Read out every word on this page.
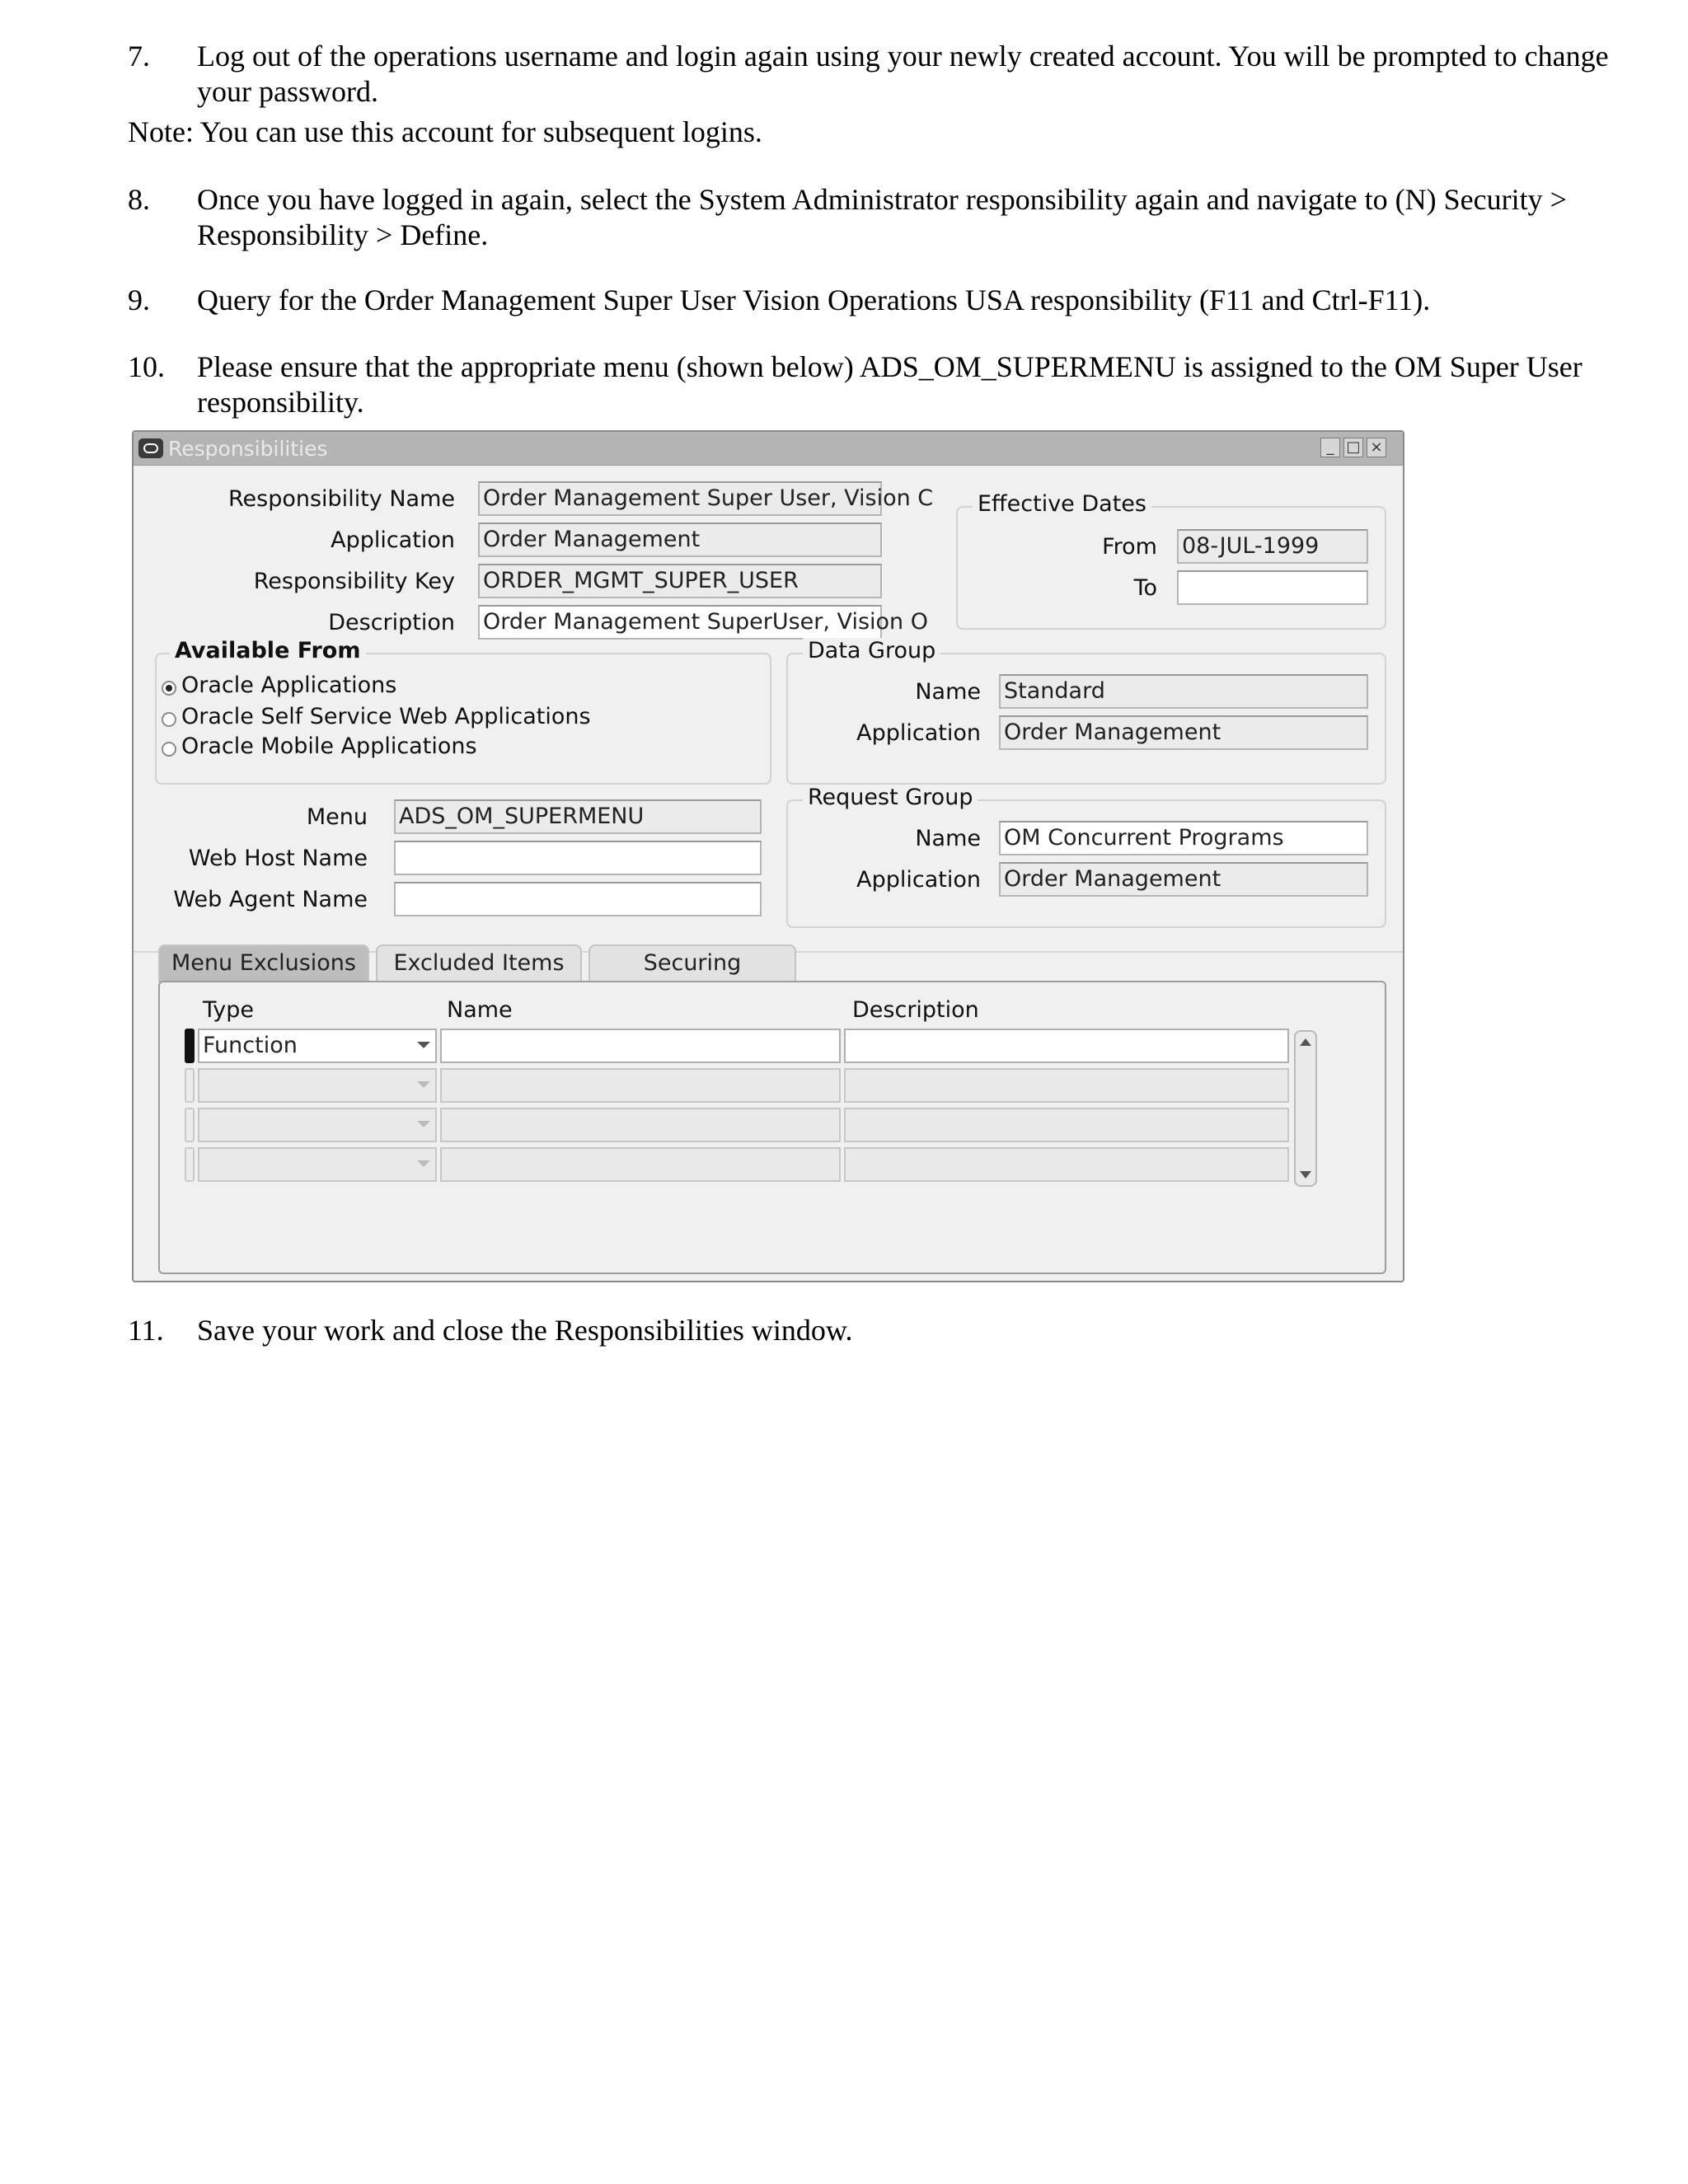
7. Log out of the operations username and login again using your newly created account. You will be prompted to change
your password.
Note: You can use this account for subsequent logins.
8. Once you have logged in again, select the System Administrator responsibility again and navigate to (N) Security >
Responsibility > Define.
9. Query for the Order Management Super User Vision Operations USA responsibility (F11 and Ctrl-F11).
10. Please ensure that the appropriate menu (shown below) ADS_OM_SUPERMENU is assigned to the OM Super User
responsibility.
Responsibilities	_ □ ×
Responsibility Name Order Management Super User, Vision C
Application Order Management
Responsibility Key ORDER_MGMT_SUPER_USER
Description Order Management SuperUser, Vision O
Effective Dates
From 08-JUL-1999
To
Available From
Oracle Applications
Oracle Self Service Web Applications
Oracle Mobile Applications
Data Group
Name Standard
Application Order Management
Menu ADS_OM_SUPERMENU
Web Host Name
Web Agent Name
Request Group
Name OM Concurrent Programs
Application Order Management
Menu Exclusions	Excluded Items	Securing
Type	Name	Description
Function
11. Save your work and close the Responsibilities window.
